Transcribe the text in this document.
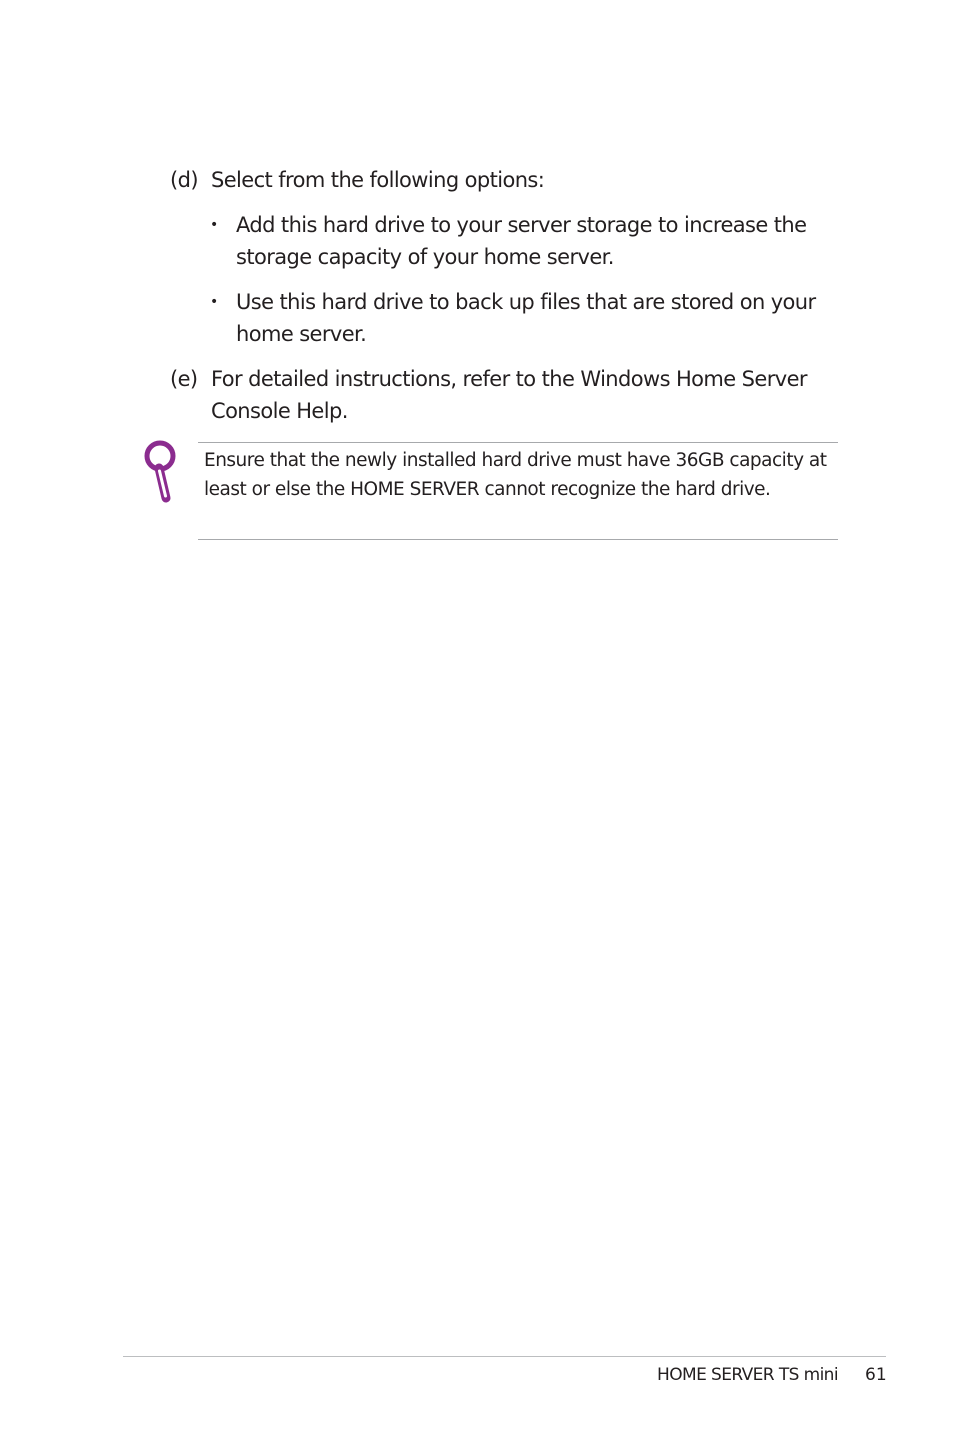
(d) Select from the following options:
• Add this hard drive to your server storage to increase the storage capacity of your home server.
• Use this hard drive to back up files that are stored on your home server.
(e) For detailed instructions, refer to the Windows Home Server Console Help.
Ensure that the newly installed hard drive must have 36GB capacity at least or else the HOME SERVER cannot recognize the hard drive.
HOME SERVER TS mini 61
